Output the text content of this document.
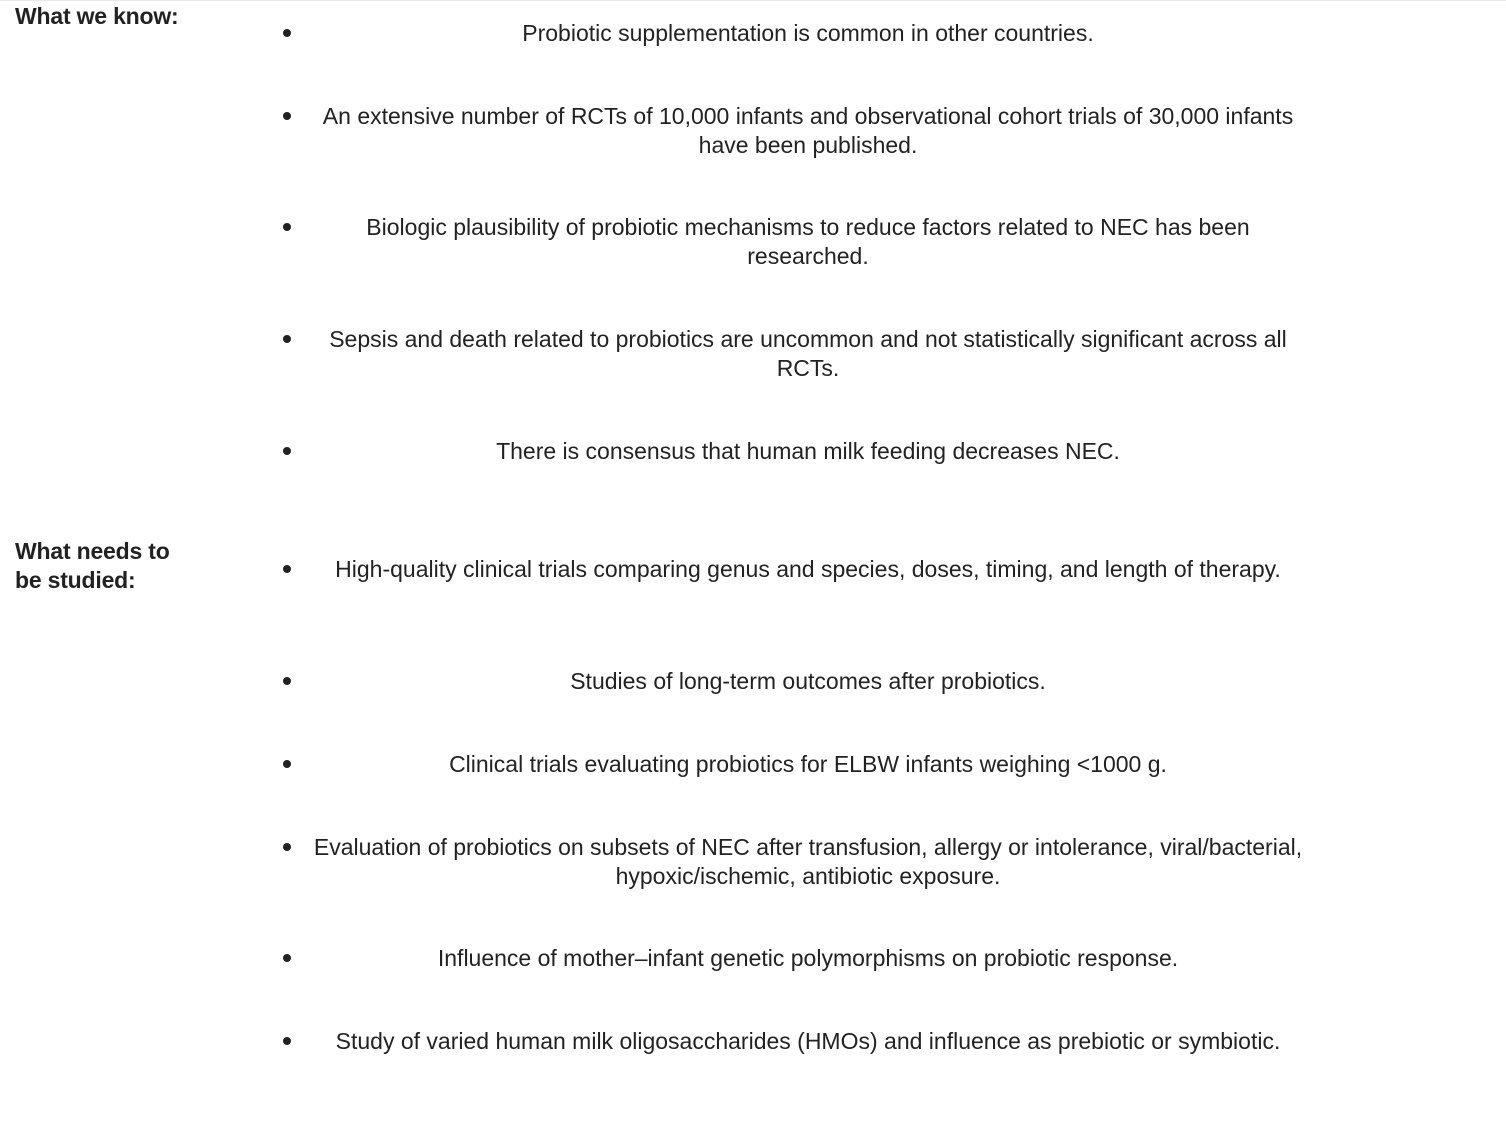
What we know:
Probiotic supplementation is common in other countries.
An extensive number of RCTs of 10,000 infants and observational cohort trials of 30,000 infants have been published.
Biologic plausibility of probiotic mechanisms to reduce factors related to NEC has been researched.
Sepsis and death related to probiotics are uncommon and not statistically significant across all RCTs.
There is consensus that human milk feeding decreases NEC.
What needs to be studied:	High-quality clinical trials comparing genus and species, doses, timing, and length of therapy.
Studies of long-term outcomes after probiotics.
Clinical trials evaluating probiotics for ELBW infants weighing <1000 g.
Evaluation of probiotics on subsets of NEC after transfusion, allergy or intolerance, viral/bacterial, hypoxic/ischemic, antibiotic exposure.
Influence of mother–infant genetic polymorphisms on probiotic response.
Study of varied human milk oligosaccharides (HMOs) and influence as prebiotic or symbiotic.
